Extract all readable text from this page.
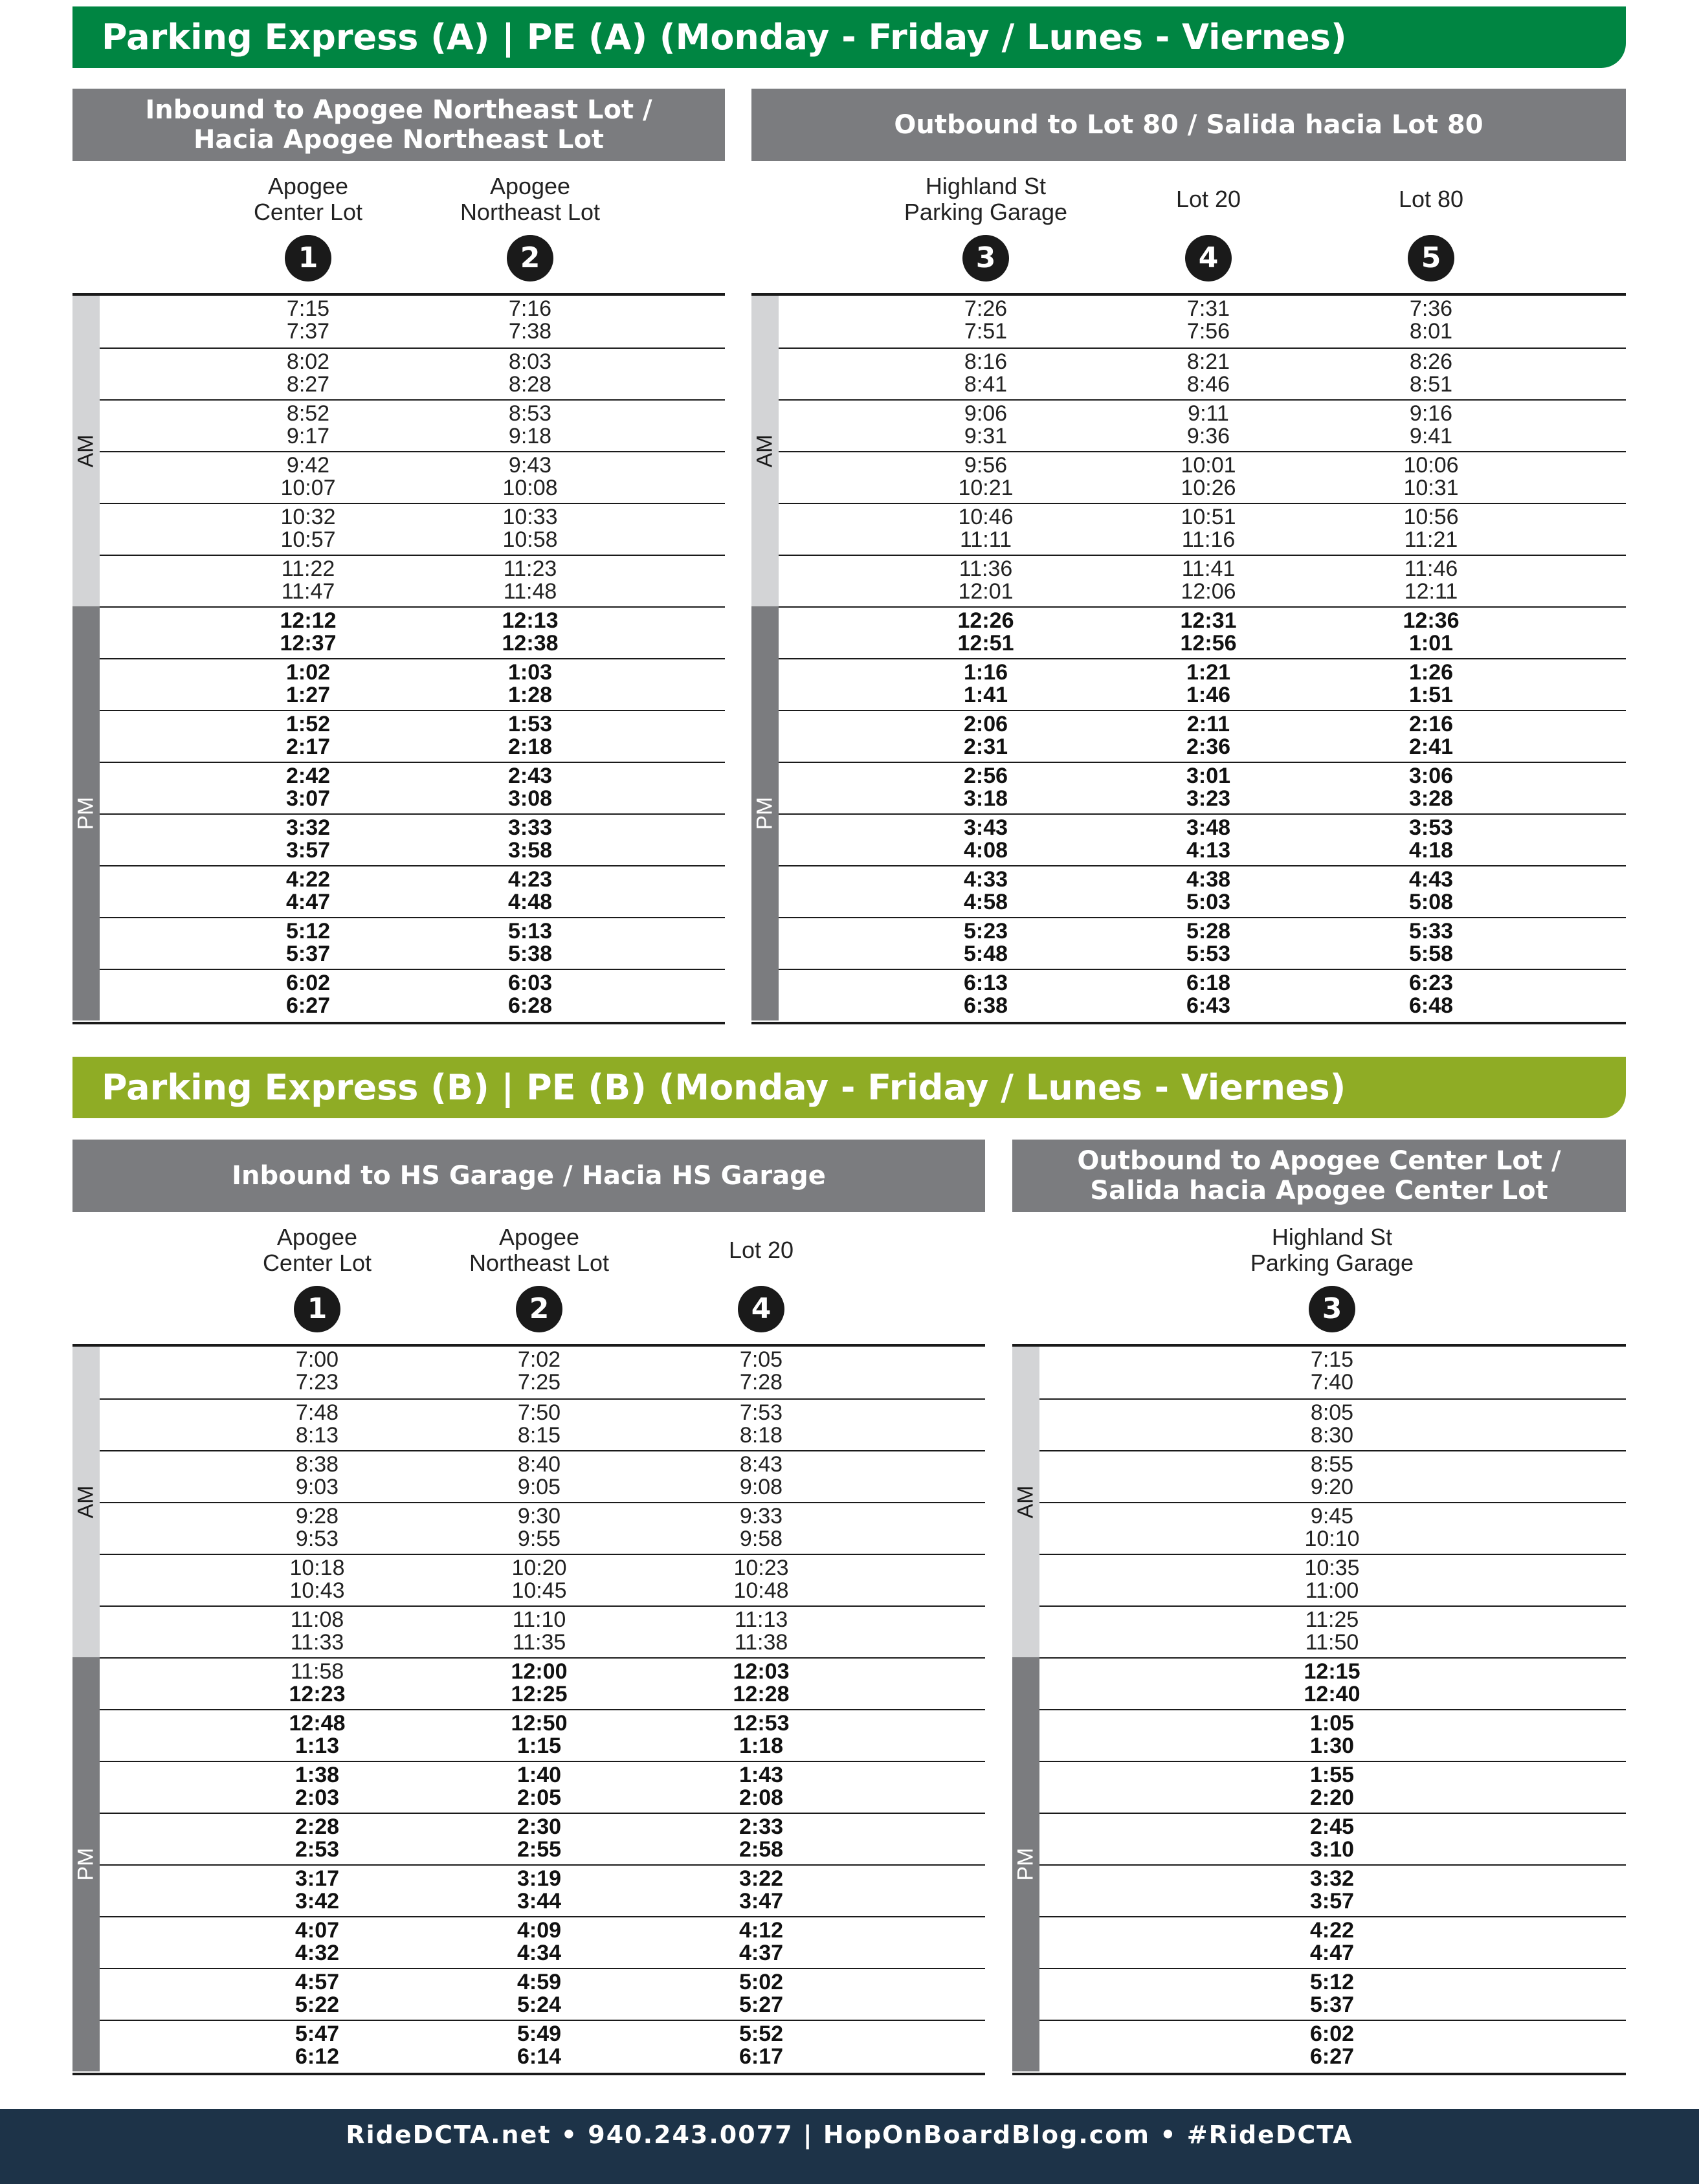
Parking Express (A) | PE (A) (Monday - Friday / Lunes - Viernes)
Inbound to Apogee Northeast Lot /
Hacia Apogee Northeast Lot	Outbound to Lot 80 / Salida hacia Lot 80
Apogee
Center Lot
1
Apogee
Northeast Lot
2
Highland St
Parking Garage
3
Lot 20
4
Lot 80
5
AM
PM
7:15
7:37
7:16
7:38
8:02
8:27
8:03
8:28
8:52
9:17
8:53
9:18
9:42
10:07
9:43
10:08
10:32
10:57
10:33
10:58
11:22
11:47
11:23
11:48
12:12
12:37
12:13
12:38
1:02
1:27
1:03
1:28
1:52
2:17
1:53
2:18
2:42
3:07
2:43
3:08
3:32
3:57
3:33
3:58
4:22
4:47
4:23
4:48
5:12
5:37
5:13
5:38
6:02
6:27
6:03
6:28
AM
PM
7:26
7:51
7:31
7:56
7:36
8:01
8:16
8:41
8:21
8:46
8:26
8:51
9:06
9:31
9:11
9:36
9:16
9:41
9:56
10:21
10:01
10:26
10:06
10:31
10:46
11:11
10:51
11:16
10:56
11:21
11:36
12:01
11:41
12:06
11:46
12:11
12:26
12:51
12:31
12:56
12:36
1:01
1:16
1:41
1:21
1:46
1:26
1:51
2:06
2:31
2:11
2:36
2:16
2:41
2:56
3:18
3:01
3:23
3:06
3:28
3:43
4:08
3:48
4:13
3:53
4:18
4:33
4:58
4:38
5:03
4:43
5:08
5:23
5:48
5:28
5:53
5:33
5:58
6:13
6:38
6:18
6:43
6:23
6:48
Parking Express (B) | PE (B) (Monday - Friday / Lunes - Viernes)
Inbound to HS Garage / Hacia HS Garage	Outbound to Apogee Center Lot /
Salida hacia Apogee Center Lot
Apogee
Center Lot
1
Apogee
Northeast Lot
2
Lot 20
4
Highland St
Parking Garage
3
AM
PM
7:00
7:23
7:02
7:25
7:05
7:28
7:48
8:13
7:50
8:15
7:53
8:18
8:38
9:03
8:40
9:05
8:43
9:08
9:28
9:53
9:30
9:55
9:33
9:58
10:18
10:43
10:20
10:45
10:23
10:48
11:08
11:33
11:10
11:35
11:13
11:38
11:58
12:23
12:00
12:25
12:03
12:28
12:48
1:13
12:50
1:15
12:53
1:18
1:38
2:03
1:40
2:05
1:43
2:08
2:28
2:53
2:30
2:55
2:33
2:58
3:17
3:42
3:19
3:44
3:22
3:47
4:07
4:32
4:09
4:34
4:12
4:37
4:57
5:22
4:59
5:24
5:02
5:27
5:47
6:12
5:49
6:14
5:52
6:17
AM
PM
7:15
7:40
8:05
8:30
8:55
9:20
9:45
10:10
10:35
11:00
11:25
11:50
12:15
12:40
1:05
1:30
1:55
2:20
2:45
3:10
3:32
3:57
4:22
4:47
5:12
5:37
6:02
6:27
RideDCTA.net • 940.243.0077 | HopOnBoardBlog.com • #RideDCTA
